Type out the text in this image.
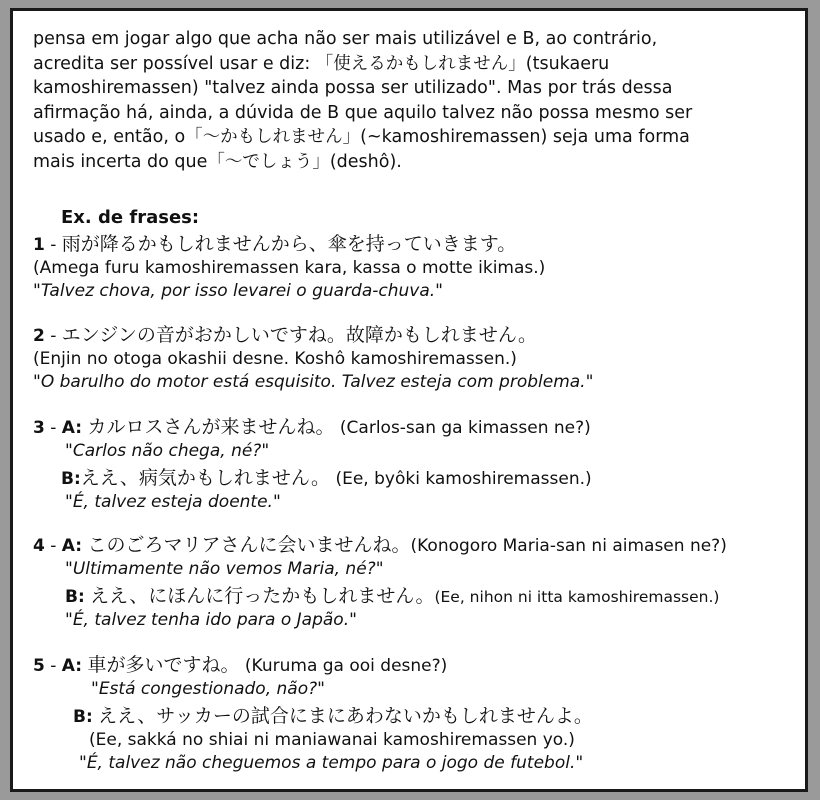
pensa em jogar algo que acha não ser mais utilizável e B, ao contrário,

acredita ser possível usar e diz: 「使えるかもしれません」(tsukaeru

kamoshiremassen) "talvez ainda possa ser utilizado". Mas por trás dessa

afirmação há, ainda, a dúvida de B que aquilo talvez não possa mesmo ser

usado e, então, o「～かもしれません」(~kamoshiremassen) seja uma forma

mais incerta do que「～でしょう」(deshô).

Ex. de frases:
1 - 雨が降るかもしれませんから、傘を持っていきます。
(Amega furu kamoshiremassen kara, kassa o motte ikimas.)
"Talvez chova, por isso levarei o guarda-chuva."
2 - エンジンの音がおかしいですね。故障かもしれません。
(Enjin no otoga okashii desne. Koshô kamoshiremassen.)
"O barulho do motor está esquisito. Talvez esteja com problema."
3 - A: カルロスさんが来ませんね。 (Carlos-san ga kimassen ne?)
"Carlos não chega, né?"
B:ええ、病気かもしれません。 (Ee, byôki kamoshiremassen.)
"É, talvez esteja doente."
4 - A: このごろマリアさんに会いませんね。(Konogoro Maria-san ni aimasen ne?)
"Ultimamente não vemos Maria, né?"
B: ええ、にほんに行ったかもしれません。(Ee, nihon ni itta kamoshiremassen.)
"É, talvez tenha ido para o Japão."
5 - A: 車が多いですね。 (Kuruma ga ooi desne?)
"Está congestionado, não?"
B: ええ、サッカーの試合にまにあわないかもしれませんよ。
(Ee, sakká no shiai ni maniawanai kamoshiremassen yo.)
"É, talvez não cheguemos a tempo para o jogo de futebol."
